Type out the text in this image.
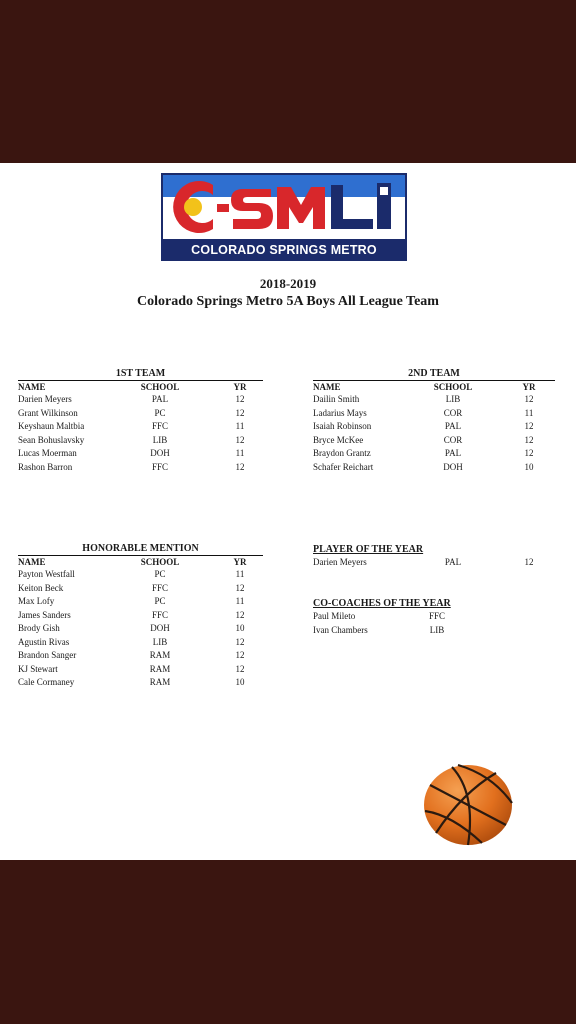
COLORADO SPRINGS METRO LEAGUE
2018-2019
Colorado Springs Metro 5A Boys All League Team
1ST TEAM
NAME	SCHOOL	YR
Darien Meyers	PAL	12
Grant Wilkinson	PC	12
Keyshaun Maltbia	FFC	11
Sean Bohuslavsky	LIB	12
Lucas Moerman	DOH	11
Rashon Barron	FFC	12
2ND TEAM
NAME	SCHOOL	YR
Dailin Smith	LIB	12
Ladarius Mays	COR	11
Isaiah Robinson	PAL	12
Bryce McKee	COR	12
Braydon Grantz	PAL	12
Schafer Reichart	DOH	10
HONORABLE MENTION
NAME	SCHOOL	YR
Payton Westfall	PC	11
Keiton Beck	FFC	12
Max Lofy	PC	11
James Sanders	FFC	12
Brody Gish	DOH	10
Agustin Rivas	LIB	12
Brandon Sanger	RAM	12
KJ Stewart	RAM	12
Cale Cormaney	RAM	10
PLAYER OF THE YEAR
Darien Meyers	PAL	12
CO-COACHES OF THE YEAR
Paul Mileto	FFC
Ivan Chambers	LIB
